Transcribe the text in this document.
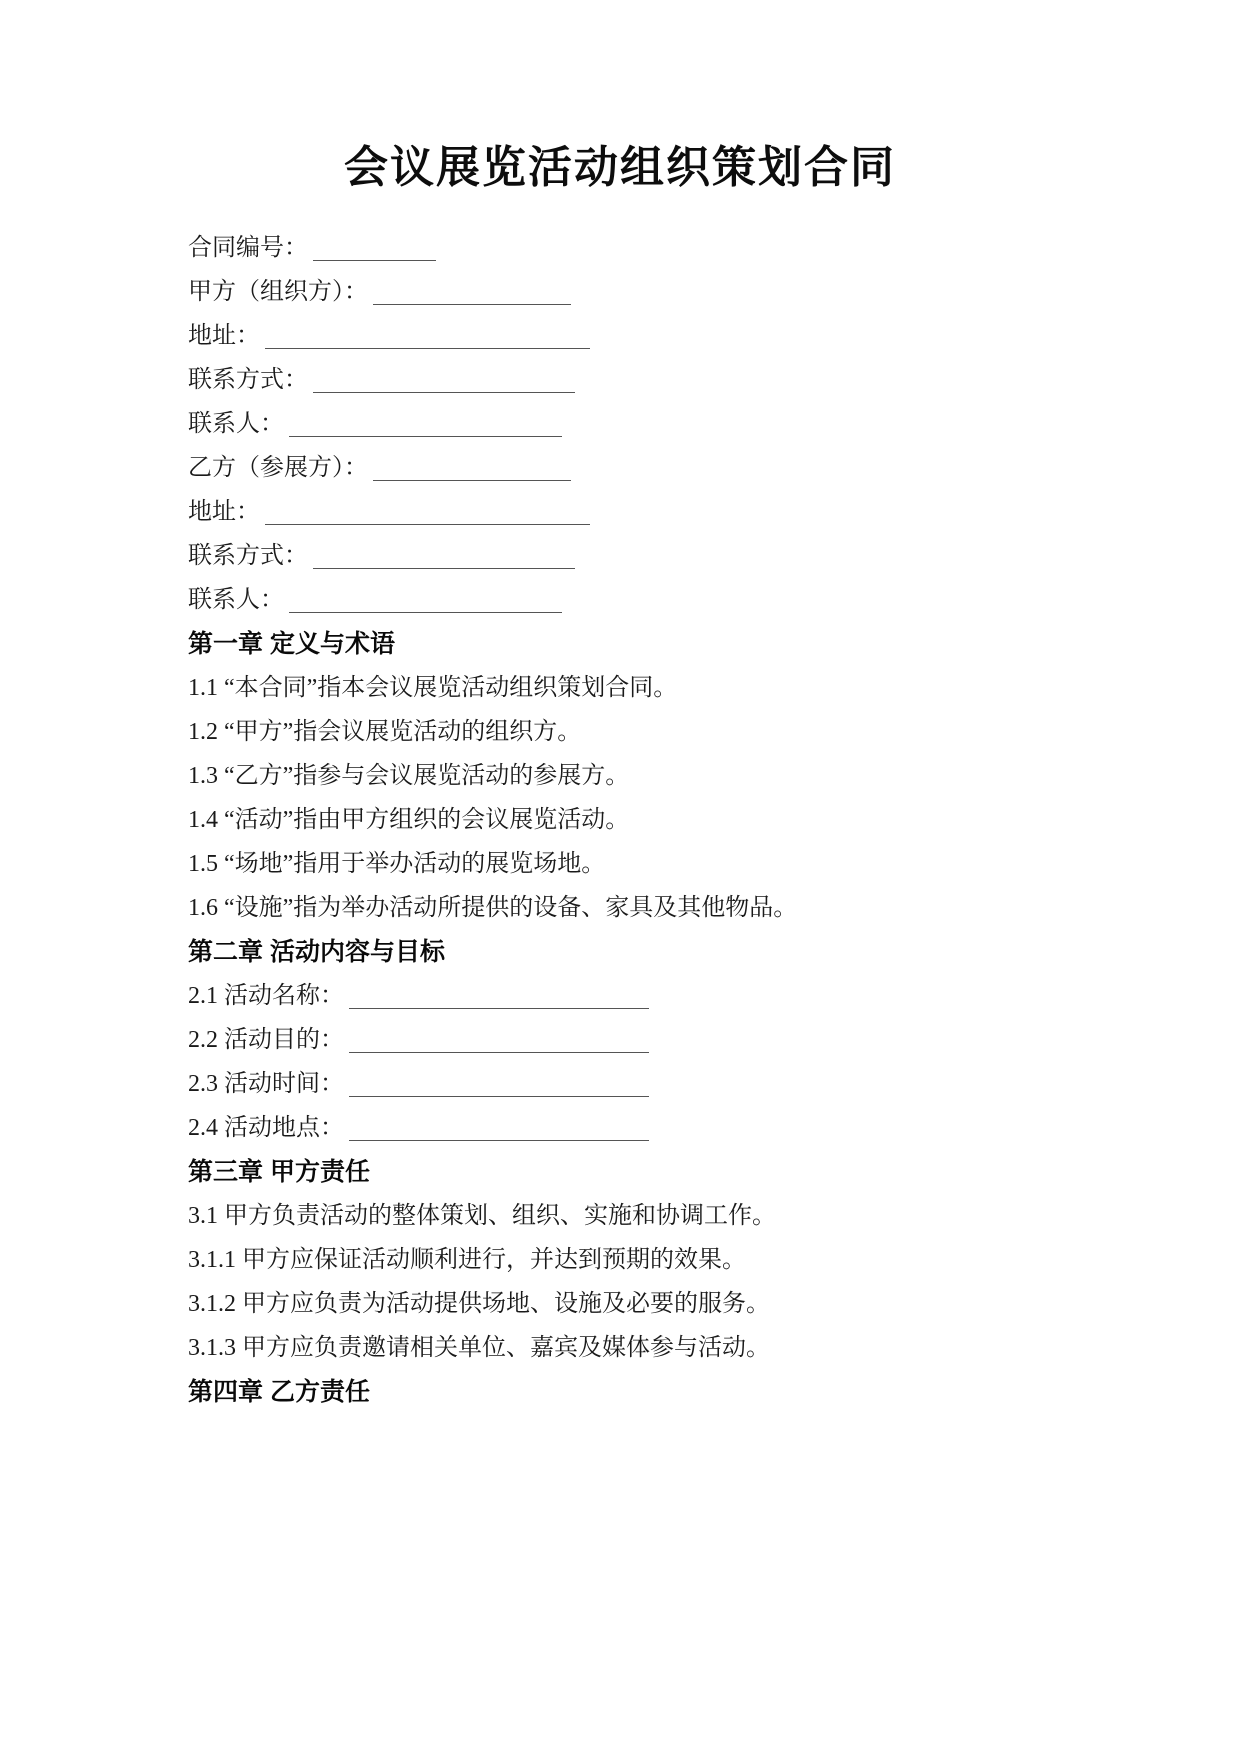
会议展览活动组织策划合同

合同编号：

甲方（组织方）：

地址：

联系方式：

联系人：

乙方（参展方）：

地址：

联系方式：

联系人：

第一章 定义与术语

1.1 “本合同”指本会议展览活动组织策划合同。

1.2 “甲方”指会议展览活动的组织方。

1.3 “乙方”指参与会议展览活动的参展方。

1.4 “活动”指由甲方组织的会议展览活动。

1.5 “场地”指用于举办活动的展览场地。

1.6 “设施”指为举办活动所提供的设备、家具及其他物品。

第二章 活动内容与目标

2.1 活动名称：

2.2 活动目的：

2.3 活动时间：

2.4 活动地点：

第三章 甲方责任

3.1 甲方负责活动的整体策划、组织、实施和协调工作。

3.1.1 甲方应保证活动顺利进行，并达到预期的效果。

3.1.2 甲方应负责为活动提供场地、设施及必要的服务。

3.1.3 甲方应负责邀请相关单位、嘉宾及媒体参与活动。

第四章 乙方责任
